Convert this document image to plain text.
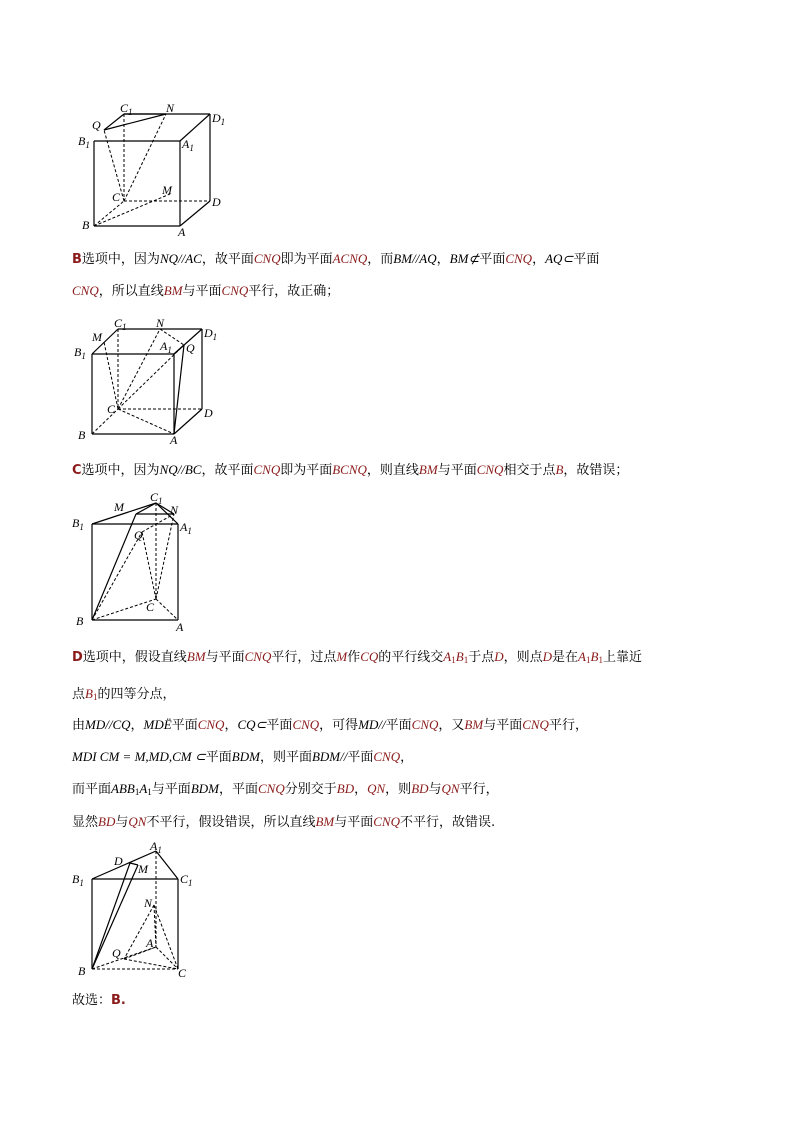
$C_1$	N
$D_1$
Q
$B_1$	$A_1$
M
C	D
B	A
B选项中，因为NQ//AC，故平面CNQ即为平面ACNQ，而BM//AQ，BM⊄平面CNQ，AQ⊂平面
CNQ，所以直线BM与平面CNQ平行，故正确；
$C_1$ N
$D_1$
M
$B_1$
$A_1$ Q
C	D
B	A
C选项中，因为NQ//BC，故平面CNQ即为平面BCNQ，则直线BM与平面CNQ相交于点B，故错误；
$C_1$
M	N
$B_1$	$A_1$
Q
C
B	A
D选项中，假设直线BM与平面CNQ平行，过点M作CQ的平行线交$A_1B_1$于点D，则点D是在$A_1B_1$上靠近
点$B_1$的四等分点，
由MD//CQ，MDË平面CNQ，CQ⊂平面CNQ，可得MD//平面CNQ，又BM与平面CNQ平行，
MDI CM = M,MD,CM ⊂平面BDM，则平面BDM//平面CNQ，
而平面$ABB_1A_1$与平面BDM，平面CNQ分别交于BD，QN，则BD与QN平行，
显然BD与QN不平行，假设错误，所以直线BM与平面CNQ不平行，故错误.
D
$A_1$
M
$B_1$	$C_1$
N
Q
A
B	C
故选：B.
